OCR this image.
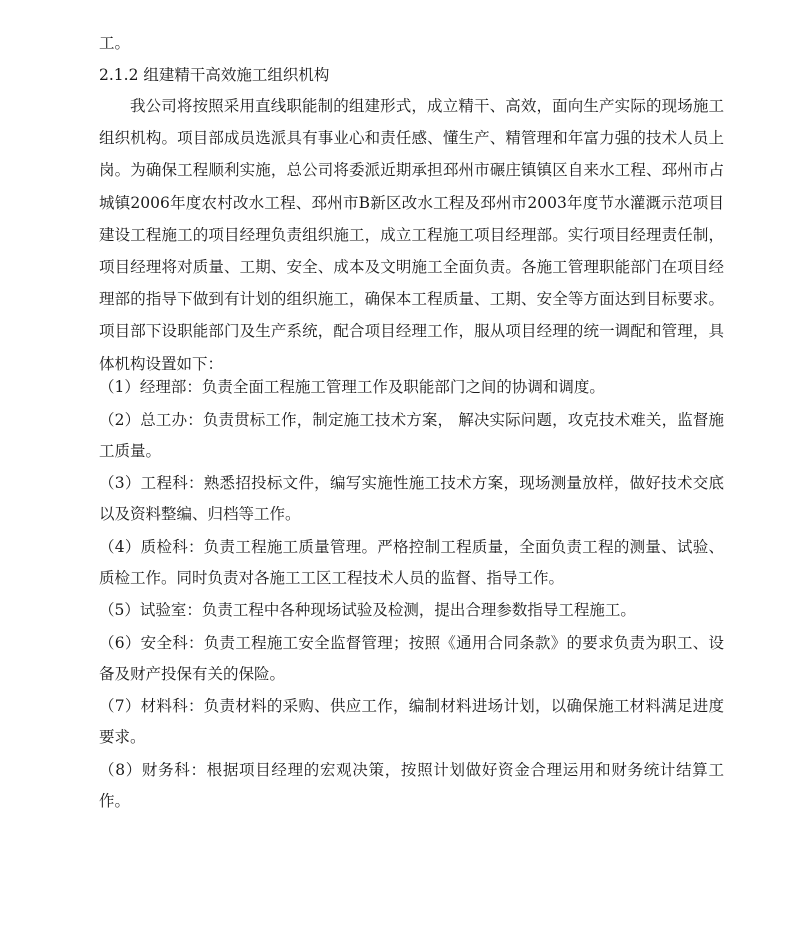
工。
2.1.2 组建精干高效施工组织机构
我公司将按照采用直线职能制的组建形式，成立精干、高效，面向生产实际的现场施工组织机构。项目部成员选派具有事业心和责任感、懂生产、精管理和年富力强的技术人员上岗。为确保工程顺利实施，总公司将委派近期承担邳州市碾庄镇镇区自来水工程、邳州市占城镇2006年度农村改水工程、邳州市B新区改水工程及邳州市2003年度节水灌溉示范项目建设工程施工的项目经理负责组织施工，成立工程施工项目经理部。实行项目经理责任制，项目经理将对质量、工期、安全、成本及文明施工全面负责。各施工管理职能部门在项目经理部的指导下做到有计划的组织施工，确保本工程质量、工期、安全等方面达到目标要求。项目部下设职能部门及生产系统，配合项目经理工作，服从项目经理的统一调配和管理，具体机构设置如下：
（1）经理部：负责全面工程施工管理工作及职能部门之间的协调和调度。
（2）总工办：负责贯标工作，制定施工技术方案， 解决实际问题，攻克技术难关，监督施工质量。
（3）工程科：熟悉招投标文件，编写实施性施工技术方案，现场测量放样，做好技术交底以及资料整编、归档等工作。
（4）质检科：负责工程施工质量管理。严格控制工程质量，全面负责工程的测量、试验、质检工作。同时负责对各施工工区工程技术人员的监督、指导工作。
（5）试验室：负责工程中各种现场试验及检测，提出合理参数指导工程施工。
（6）安全科：负责工程施工安全监督管理；按照《通用合同条款》的要求负责为职工、设备及财产投保有关的保险。
（7）材料科：负责材料的采购、供应工作，编制材料进场计划，以确保施工材料满足进度要求。
（8）财务科：根据项目经理的宏观决策，按照计划做好资金合理运用和财务统计结算工作。
